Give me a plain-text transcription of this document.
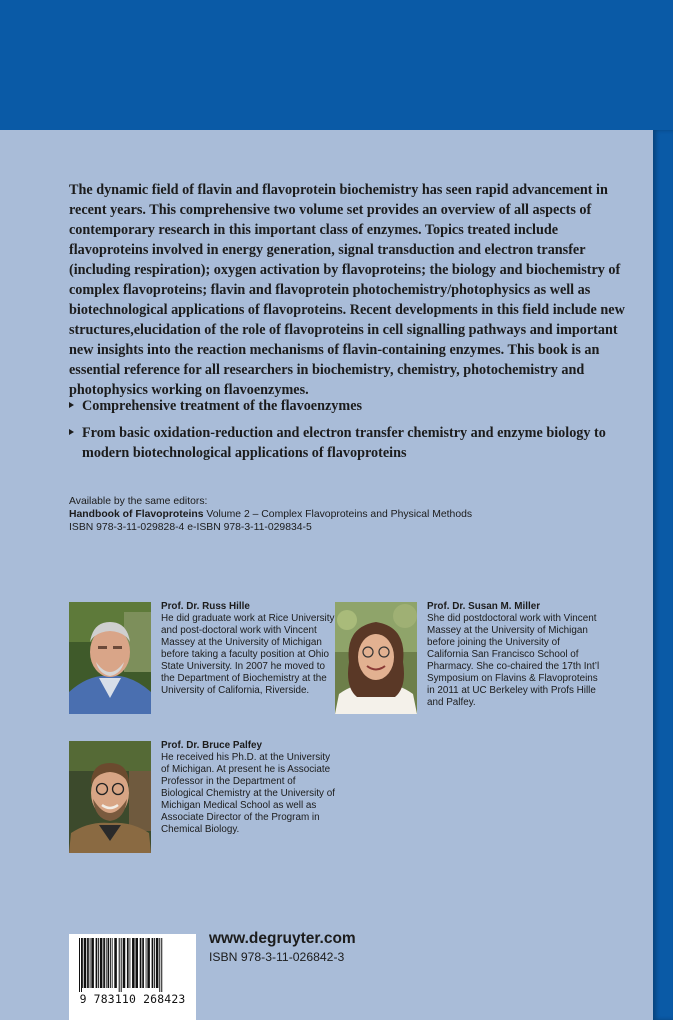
The dynamic field of flavin and flavoprotein biochemistry has seen rapid advancement in recent years. This comprehensive two volume set provides an overview of all aspects of contemporary research in this important class of enzymes. Topics treated include flavoproteins involved in energy generation, signal transduction and electron transfer (including respiration); oxygen activation by flavoproteins; the biology and biochemistry of complex flavoproteins; flavin and flavoprotein photochemistry/photophysics as well as biotechnological applications of flavoproteins. Recent developments in this field include new structures,elucidation of the role of flavoproteins in cell signalling pathways and important new insights into the reaction mechanisms of flavin-containing enzymes. This book is an essential reference for all researchers in biochemistry, chemistry, photochemistry and photophysics working on flavoenzymes.

Comprehensive treatment of the flavoenzymes
From basic oxidation-reduction and electron transfer chemistry and enzyme biology to modern biotechnological applications of flavoproteins
Available by the same editors:
Handbook of Flavoproteins Volume 2 – Complex Flavoproteins and Physical Methods
ISBN 978-3-11-029828-4 e-ISBN 978-3-11-029834-5
Prof. Dr. Russ Hille
He did graduate work at Rice University and post-doctoral work with Vincent Massey at the University of Michigan before taking a faculty position at Ohio State University. In 2007 he moved to the Department of Biochemistry at the University of California, Riverside.
Prof. Dr. Susan M. Miller
She did postdoctoral work with Vincent Massey at the University of Michigan before joining the University of California San Francisco School of Pharmacy. She co-chaired the 17th Int’l Symposium on Flavins & Flavoproteins in 2011 at UC Berkeley with Profs Hille and Palfey.
Prof. Dr. Bruce Palfey
He received his Ph.D. at the University of Michigan. At present he is Associate Professor in the Department of Biological Chemistry at the University of Michigan Medical School as well as Associate Director of the Program in Chemical Biology.
9 783110 268423
www.degruyter.com
ISBN 978-3-11-026842-3
